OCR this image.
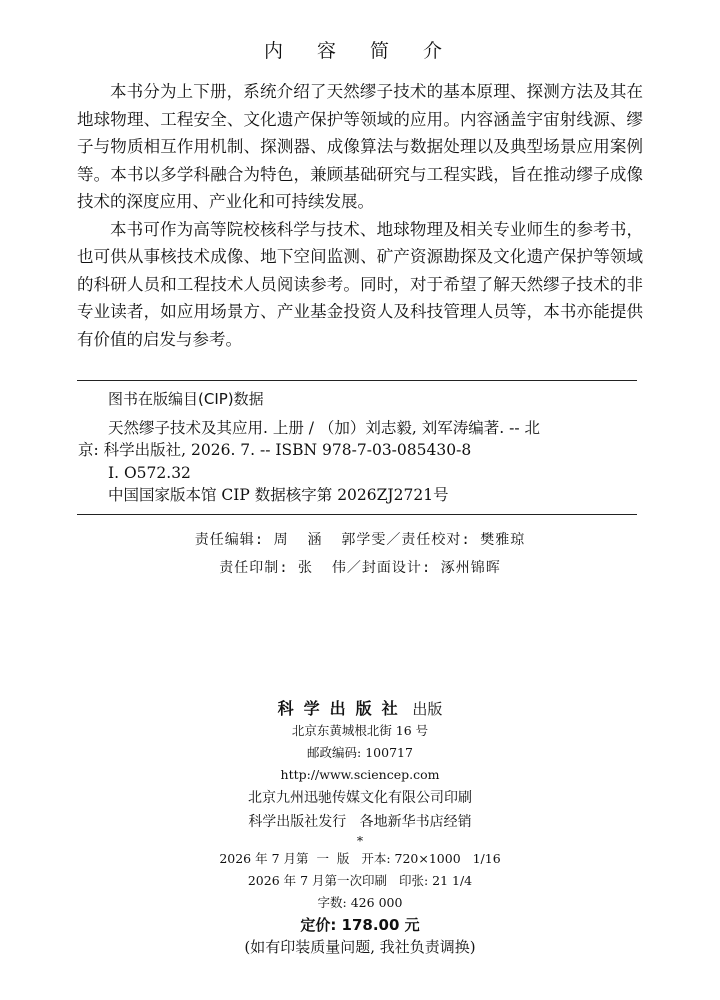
内 容 简 介

本书分为上下册，系统介绍了天然缪子技术的基本原理、探测方法及其在地球物理、工程安全、文化遗产保护等领域的应用。内容涵盖宇宙射线源、缪子与物质相互作用机制、探测器、成像算法与数据处理以及典型场景应用案例等。本书以多学科融合为特色，兼顾基础研究与工程实践，旨在推动缪子成像技术的深度应用、产业化和可持续发展。

本书可作为高等院校核科学与技术、地球物理及相关专业师生的参考书，也可供从事核技术成像、地下空间监测、矿产资源勘探及文化遗产保护等领域的科研人员和工程技术人员阅读参考。同时，对于希望了解天然缪子技术的非专业读者，如应用场景方、产业基金投资人及科技管理人员等，本书亦能提供有价值的启发与参考。

图书在版编目(CIP)数据
天然缪子技术及其应用. 上册 / （加）刘志毅, 刘军涛编著. -- 北
京: 科学出版社, 2026. 7. -- ISBN 978-7-03-085430-8
I. O572.32
中国国家版本馆 CIP 数据核字第 2026ZJ2721号
责任编辑: 周  涵  郭学雯／责任校对: 樊雅琼
责任印制: 张  伟／封面设计: 涿州锦晖
科学出版社 出版
北京东黄城根北街 16 号
邮政编码: 100717
http://www.sciencep.com
北京九州迅驰传媒文化有限公司印刷
科学出版社发行   各地新华书店经销
*
2026 年 7 月第  一  版   开本: 720×1000   1/16
2026 年 7 月第一次印刷   印张: 21 1/4
字数: 426 000
定价: 178.00 元
(如有印装质量问题, 我社负责调换)
